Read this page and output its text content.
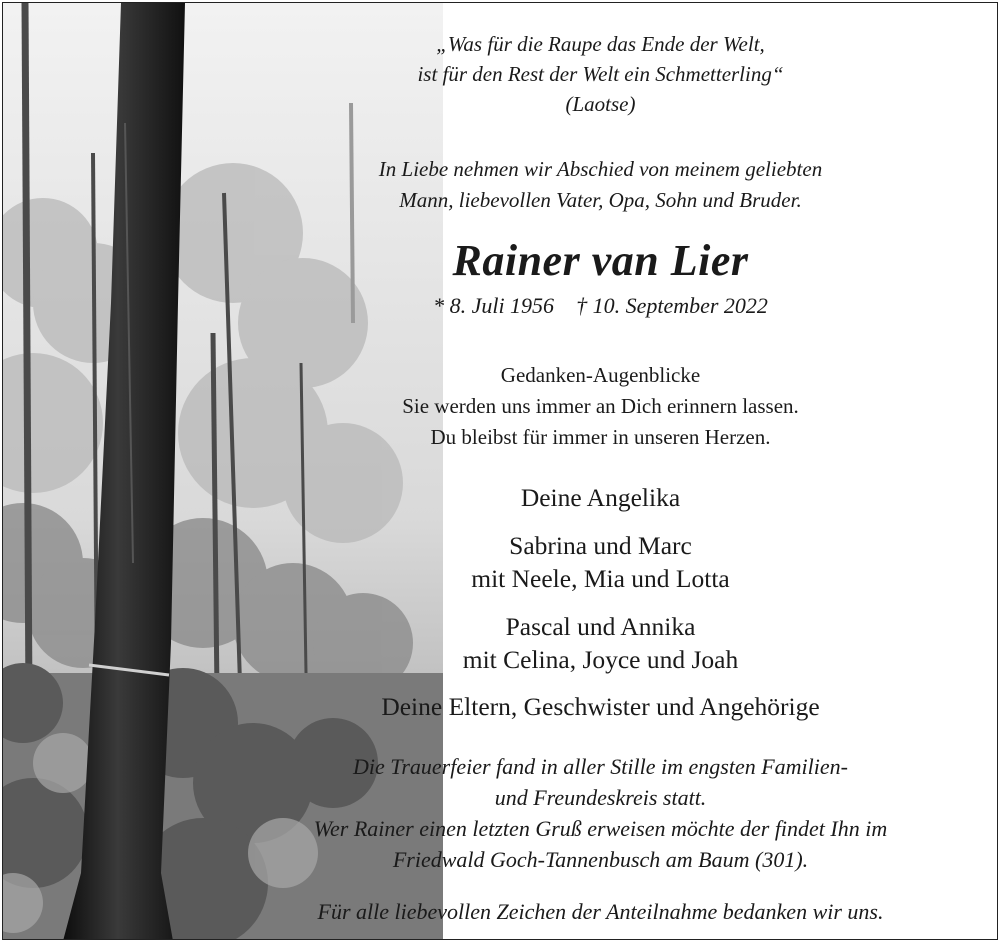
„Was für die Raupe das Ende der Welt,

ist für den Rest der Welt ein Schmetterling“

(Laotse)

In Liebe nehmen wir Abschied von meinem geliebten

Mann, liebevollen Vater, Opa, Sohn und Bruder.

Rainer van Lier

* 8. Juli 1956 † 10. September 2022

Gedanken-Augenblicke

Sie werden uns immer an Dich erinnern lassen.

Du bleibst für immer in unseren Herzen.

Deine Angelika

Sabrina und Marc

mit Neele, Mia und Lotta

Pascal und Annika

mit Celina, Joyce und Joah

Deine Eltern, Geschwister und Angehörige

Die Trauerfeier fand in aller Stille im engsten Familien-

und Freundeskreis statt.

Wer Rainer einen letzten Gruß erweisen möchte der findet Ihn im

Friedwald Goch-Tannenbusch am Baum (301).

Für alle liebevollen Zeichen der Anteilnahme bedanken wir uns.
